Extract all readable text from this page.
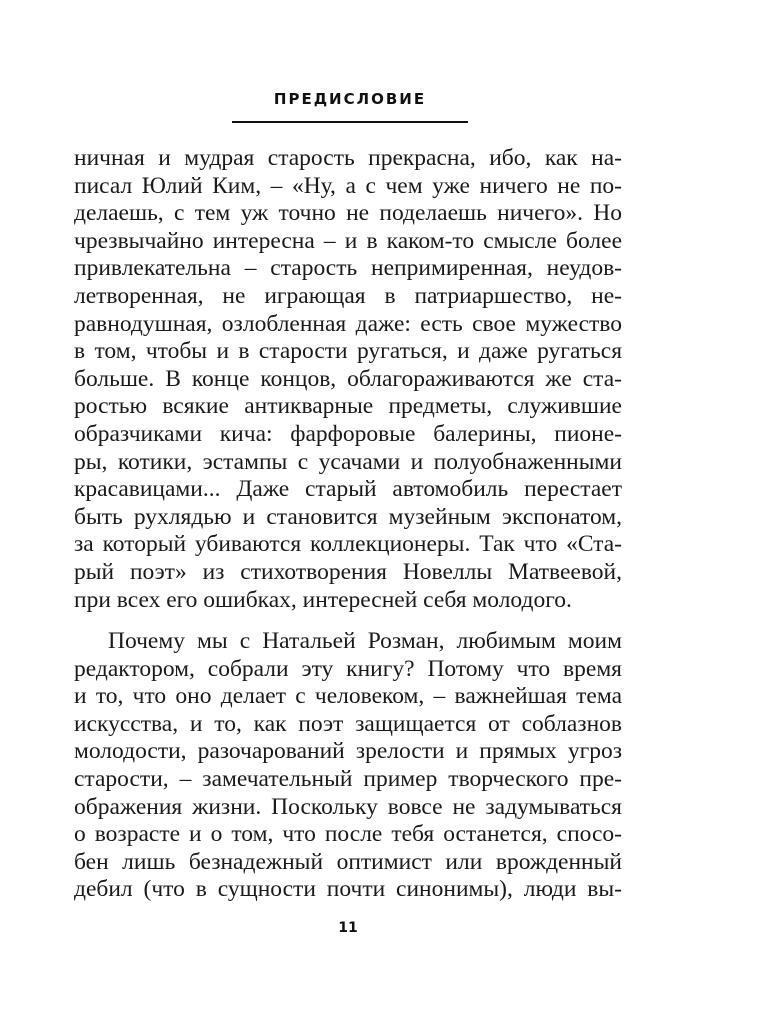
ПРЕДИСЛОВИЕ
ничная и мудрая старость прекрасна, ибо, как на-
писал Юлий Ким, – «Ну, а с чем уже ничего не по-
делаешь, с тем уж точно не поделаешь ничего». Но
чрезвычайно интересна – и в каком-то смысле более
привлекательна – старость непримиренная, неудов-
летворенная, не играющая в патриаршество, не-
равнодушная, озлобленная даже: есть свое мужество
в том, чтобы и в старости ругаться, и даже ругаться
больше. В конце концов, облагораживаются же ста-
ростью всякие антикварные предметы, служившие
образчиками кича: фарфоровые балерины, пионе-
ры, котики, эстампы с усачами и полуобнаженными
красавицами... Даже старый автомобиль перестает
быть рухлядью и становится музейным экспонатом,
за который убиваются коллекционеры. Так что «Ста-
рый поэт» из стихотворения Новеллы Матвеевой,
при всех его ошибках, интересней себя молодого.
Почему мы с Натальей Розман, любимым моим
редактором, собрали эту книгу? Потому что время
и то, что оно делает с человеком, – важнейшая тема
искусства, и то, как поэт защищается от соблазнов
молодости, разочарований зрелости и прямых угроз
старости, – замечательный пример творческого пре-
ображения жизни. Поскольку вовсе не задумываться
о возрасте и о том, что после тебя останется, спосо-
бен лишь безнадежный оптимист или врожденный
дебил (что в сущности почти синонимы), люди вы-
11
